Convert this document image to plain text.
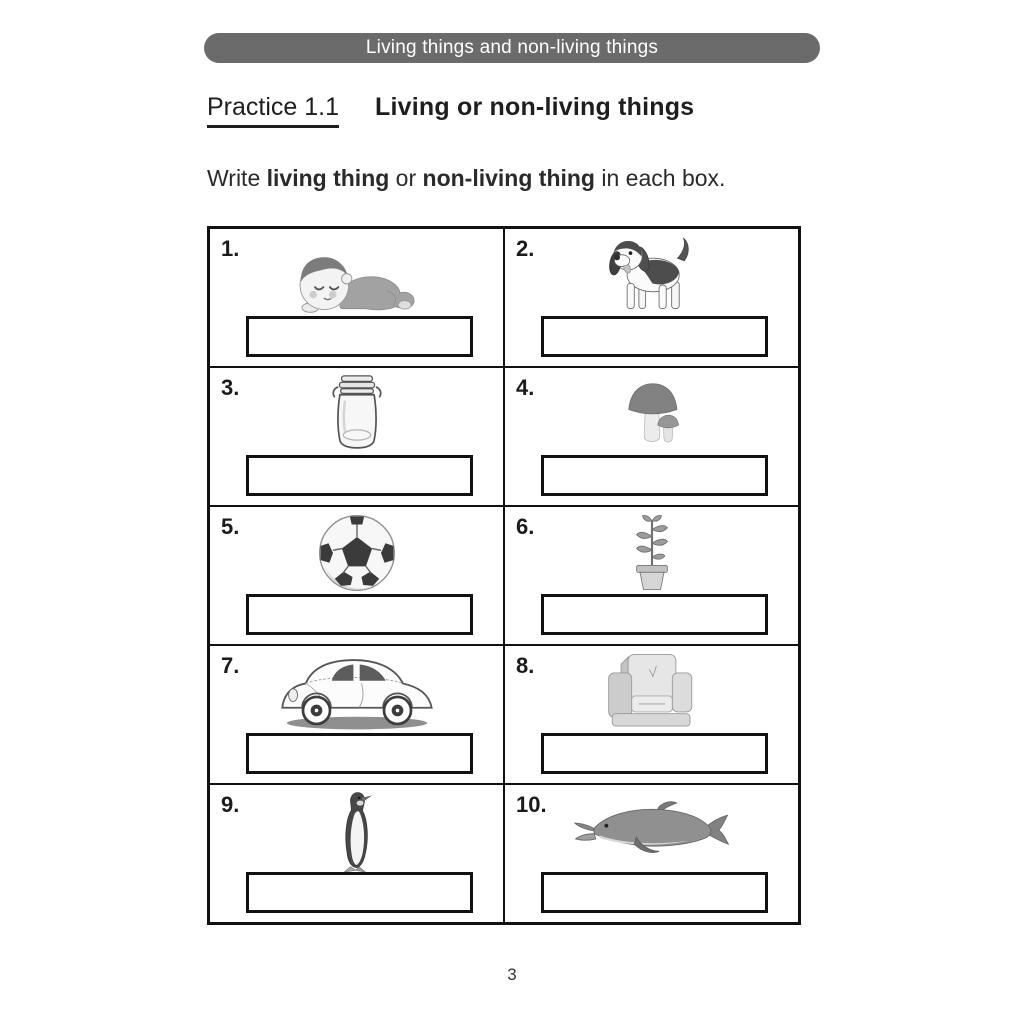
Living things and non-living things
Practice 1.1 Living or non-living things
Write living thing or non-living thing in each box.
1.	2.
3.	4.
5.	6.
7.	8.
9.	10.
3
